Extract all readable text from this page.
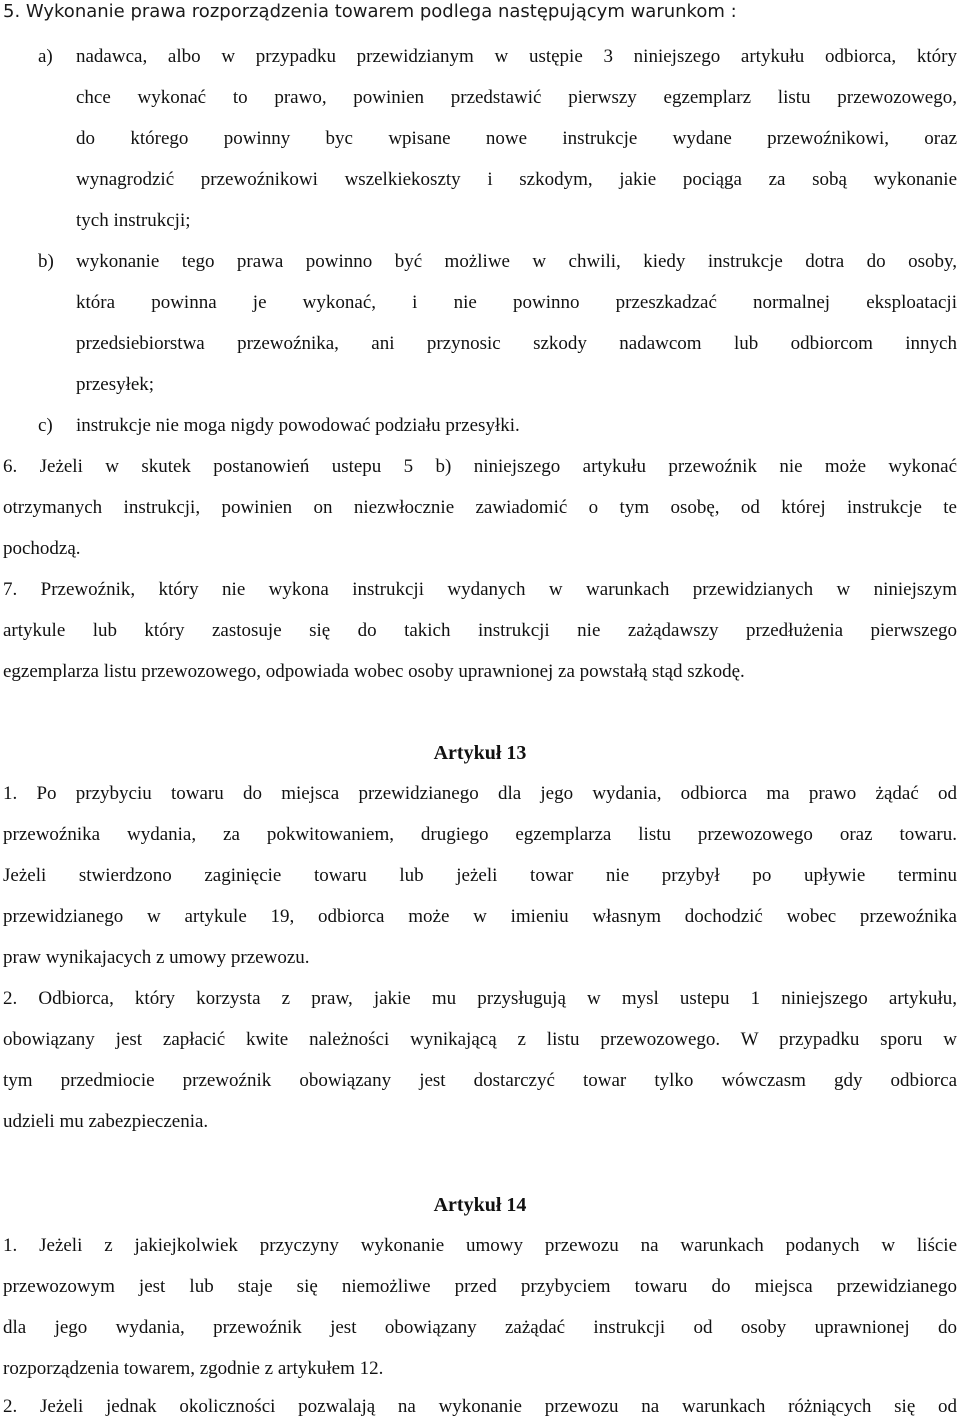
5. Wykonanie prawa rozporządzenia towarem podlega następującym warunkom :

a) nadawca, albo w przypadku przewidzianym w ustępie 3 niniejszego artykułu odbiorca, który

chce wykonać to prawo, powinien przedstawić pierwszy egzemplarz listu przewozowego,

do którego powinny byc wpisane nowe instrukcje wydane przewoźnikowi, oraz

wynagrodzić przewoźnikowi wszelkiekoszty i szkodym, jakie pociąga za sobą wykonanie

tych instrukcji;

b) wykonanie tego prawa powinno być możliwe w chwili, kiedy instrukcje dotra do osoby,

która powinna je wykonać, i nie powinno przeszkadzać normalnej eksploatacji

przedsiebiorstwa przewoźnika, ani przynosic szkody nadawcom lub odbiorcom innych

przesyłek;

c) instrukcje nie moga nigdy powodować podziału przesyłki.

6. Jeżeli w skutek postanowień ustepu 5 b) niniejszego artykułu przewoźnik nie może wykonać

otrzymanych instrukcji, powinien on niezwłocznie zawiadomić o tym osobę, od której instrukcje te

pochodzą.

7. Przewoźnik, który nie wykona instrukcji wydanych w warunkach przewidzianych w niniejszym

artykule lub który zastosuje się do takich instrukcji nie zażądawszy przedłużenia pierwszego

egzemplarza listu przewozowego, odpowiada wobec osoby uprawnionej za powstałą stąd szkodę.

Artykuł 13

1. Po przybyciu towaru do miejsca przewidzianego dla jego wydania, odbiorca ma prawo żądać od

przewoźnika wydania, za pokwitowaniem, drugiego egzemplarza listu przewozowego oraz towaru.

Jeżeli stwierdzono zaginięcie towaru lub jeżeli towar nie przybył po upływie terminu

przewidzianego w artykule 19, odbiorca może w imieniu własnym dochodzić wobec przewoźnika

praw wynikajacych z umowy przewozu.

2. Odbiorca, który korzysta z praw, jakie mu przysługują w mysl ustepu 1 niniejszego artykułu,

obowiązany jest zapłacić kwite należności wynikającą z listu przewozowego. W przypadku sporu w

tym przedmiocie przewoźnik obowiązany jest dostarczyć towar tylko wówczasm gdy odbiorca

udzieli mu zabezpieczenia.

Artykuł 14

1. Jeżeli z jakiejkolwiek przyczyny wykonanie umowy przewozu na warunkach podanych w liście

przewozowym jest lub staje się niemożliwe przed przybyciem towaru do miejsca przewidzianego

dla jego wydania, przewoźnik jest obowiązany zażądać instrukcji od osoby uprawnionej do

rozporządzenia towarem, zgodnie z artykułem 12.

2. Jeżeli jednak okoliczności pozwalają na wykonanie przewozu na warunkach różniących się od
